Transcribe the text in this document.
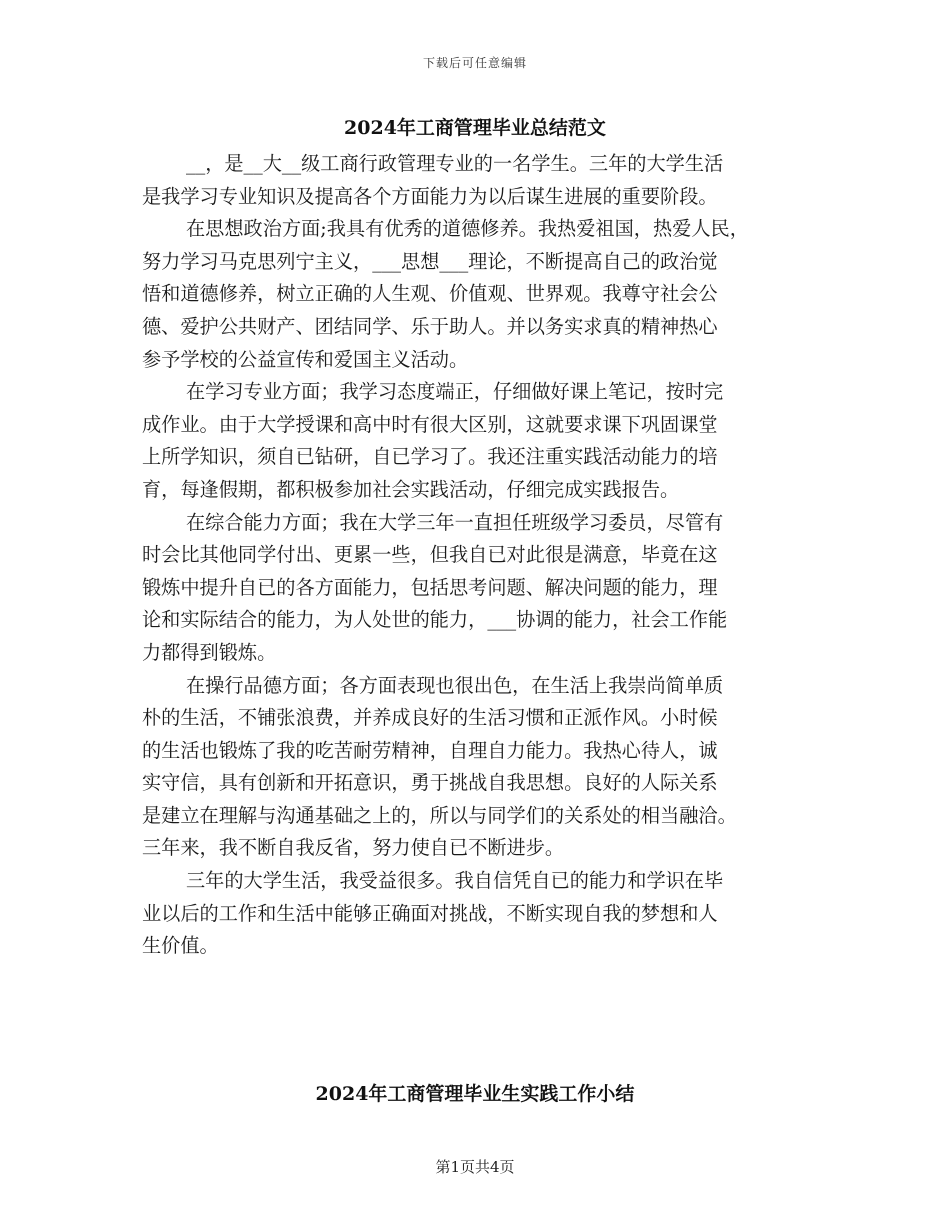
下载后可任意编辑
2024年工商管理毕业总结范文
__，是__大__级工商行政管理专业的一名学生。三年的大学生活
是我学习专业知识及提高各个方面能力为以后谋生进展的重要阶段。
在思想政治方面;我具有优秀的道德修养。我热爱祖国，热爱人民，
努力学习马克思列宁主义，___思想___理论，不断提高自己的政治觉
悟和道德修养，树立正确的人生观、价值观、世界观。我尊守社会公
德、爱护公共财产、团结同学、乐于助人。并以务实求真的精神热心
参予学校的公益宣传和爱国主义活动。
在学习专业方面；我学习态度端正，仔细做好课上笔记，按时完
成作业。由于大学授课和高中时有很大区别，这就要求课下巩固课堂
上所学知识，须自已钻研，自已学习了。我还注重实践活动能力的培
育，每逢假期，都积极参加社会实践活动，仔细完成实践报告。
在综合能力方面；我在大学三年一直担任班级学习委员，尽管有
时会比其他同学付出、更累一些，但我自已对此很是满意，毕竟在这
锻炼中提升自已的各方面能力，包括思考问题、解决问题的能力，理
论和实际结合的能力，为人处世的能力，___协调的能力，社会工作能
力都得到锻炼。
在操行品德方面；各方面表现也很出色，在生活上我崇尚简单质
朴的生活，不铺张浪费，并养成良好的生活习惯和正派作风。小时候
的生活也锻炼了我的吃苦耐劳精神，自理自力能力。我热心待人，诚
实守信，具有创新和开拓意识，勇于挑战自我思想。良好的人际关系
是建立在理解与沟通基础之上的，所以与同学们的关系处的相当融洽。
三年来，我不断自我反省，努力使自已不断进步。
三年的大学生活，我受益很多。我自信凭自已的能力和学识在毕
业以后的工作和生活中能够正确面对挑战，不断实现自我的梦想和人
生价值。
2024年工商管理毕业生实践工作小结
第1页共4页
